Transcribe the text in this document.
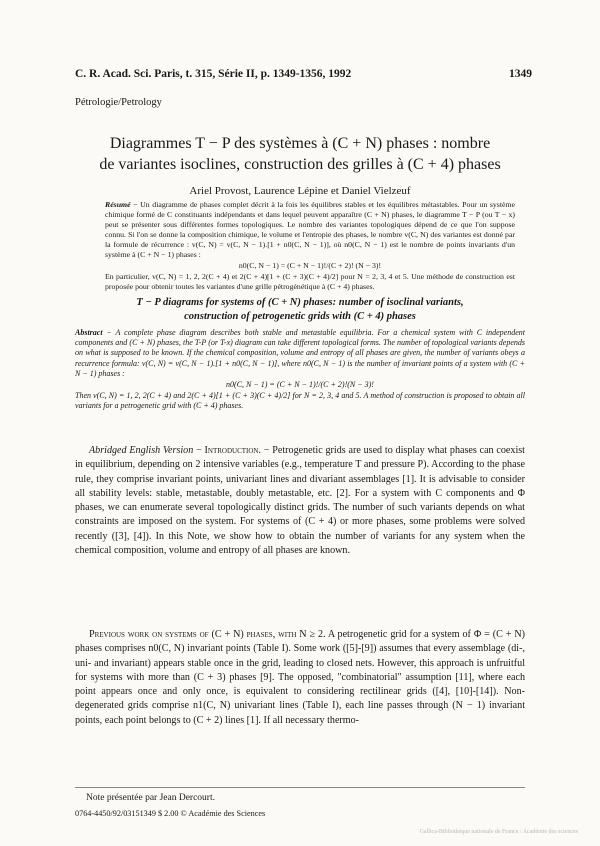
C. R. Acad. Sci. Paris, t. 315, Série II, p. 1349-1356, 1992	1349
Pétrologie/Petrology
Diagrammes T − P des systèmes à (C + N) phases : nombre
de variantes isoclines, construction des grilles à (C + 4) phases
Ariel Provost, Laurence Lépine et Daniel Vielzeuf

Résumé − Un diagramme de phases complet décrit à la fois les équilibres stables et les équilibres métastables. Pour un système chimique formé de C constituants indépendants et dans lequel peuvent apparaître (C + N) phases, le diagramme T − P (ou T − x) peut se présenter sous différentes formes topologiques. Le nombre des variantes topologiques dépend de ce que l'on suppose connu. Si l'on se donne la composition chimique, le volume et l'entropie des phases, le nombre v(C, N) des variantes est donné par la formule de récurrence : v(C, N) = v(C, N − 1).[1 + n0(C, N − 1)], où n0(C, N − 1) est le nombre de points invariants d'un système à (C + N − 1) phases :

n0(C, N − 1) = (C + N − 1)!/(C + 2)! (N − 3)!

En particulier, v(C, N) = 1, 2, 2(C + 4) et 2(C + 4)[1 + (C + 3)(C + 4)/2] pour N = 2, 3, 4 et 5. Une méthode de construction est proposée pour obtenir toutes les variantes d'une grille pétrogénétique à (C + 4) phases.

T − P diagrams for systems of (C + N) phases: number of isoclinal variants,
construction of petrogenetic grids with (C + 4) phases

Abstract − A complete phase diagram describes both stable and metastable equilibria. For a chemical system with C independent components and (C + N) phases, the T-P (or T-x) diagram can take different topological forms. The number of topological variants depends on what is supposed to be known. If the chemical composition, volume and entropy of all phases are given, the number of variants obeys a recurrence formula: v(C, N) = v(C, N − 1).[1 + n0(C, N − 1)], where n0(C, N − 1) is the number of invariant points of a system with (C + N − 1) phases :

n0(C, N − 1) = (C + N − 1)!/(C + 2)!(N − 3)!

Then v(C, N) = 1, 2, 2(C + 4) and 2(C + 4)[1 + (C + 3)(C + 4)/2] for N = 2, 3, 4 and 5. A method of construction is proposed to obtain all variants for a petrogenetic grid with (C + 4) phases.

Abridged English Version − Introduction. − Petrogenetic grids are used to display what phases can coexist in equilibrium, depending on 2 intensive variables (e.g., temperature T and pressure P). According to the phase rule, they comprise invariant points, univariant lines and divariant assemblages [1]. It is advisable to consider all stability levels: stable, metastable, doubly metastable, etc. [2]. For a system with C components and Φ phases, we can enumerate several topologically distinct grids. The number of such variants depends on what constraints are imposed on the system. For systems of (C + 4) or more phases, some problems were solved recently ([3], [4]). In this Note, we show how to obtain the number of variants for any system when the chemical composition, volume and entropy of all phases are known.

Previous work on systems of (C + N) phases, with N ≥ 2. A petrogenetic grid for a system of Φ = (C + N) phases comprises n0(C, N) invariant points (Table I). Some work ([5]-[9]) assumes that every assemblage (di-, uni- and invariant) appears stable once in the grid, leading to closed nets. However, this approach is unfruitful for systems with more than (C + 3) phases [9]. The opposed, "combinatorial" assumption [11], where each point appears once and only once, is equivalent to considering rectilinear grids ([4], [10]-[14]). Non-degenerated grids comprise n1(C, N) univariant lines (Table I), each line passes through (N − 1) invariant points, each point belongs to (C + 2) lines [1]. If all necessary thermo-

Note présentée par Jean Dercourt.
0764-4450/92/03151349 $ 2.00 © Académie des Sciences
Gallica-Bibliothèque nationale de France / Académie des sciences
